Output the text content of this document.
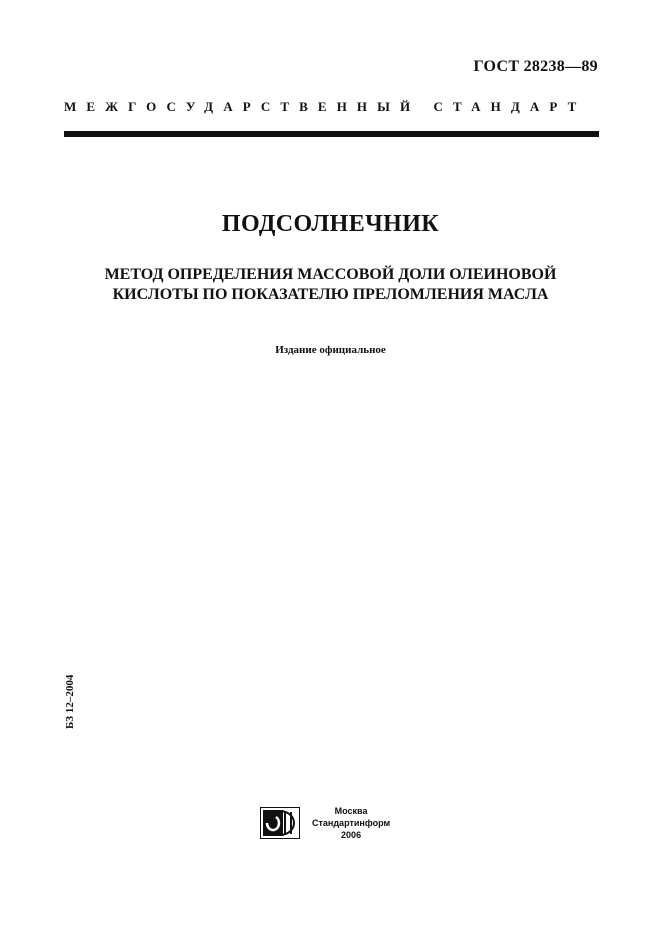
ГОСТ 28238—89
МЕЖГОСУДАРСТВЕННЫЙ СТАНДАРТ
ПОДСОЛНЕЧНИК
МЕТОД ОПРЕДЕЛЕНИЯ МАССОВОЙ ДОЛИ ОЛЕИНОВОЙ
КИСЛОТЫ ПО ПОКАЗАТЕЛЮ ПРЕЛОМЛЕНИЯ МАСЛА
Издание официальное
БЗ 12–2004
Москва
Стандартинформ
2006
